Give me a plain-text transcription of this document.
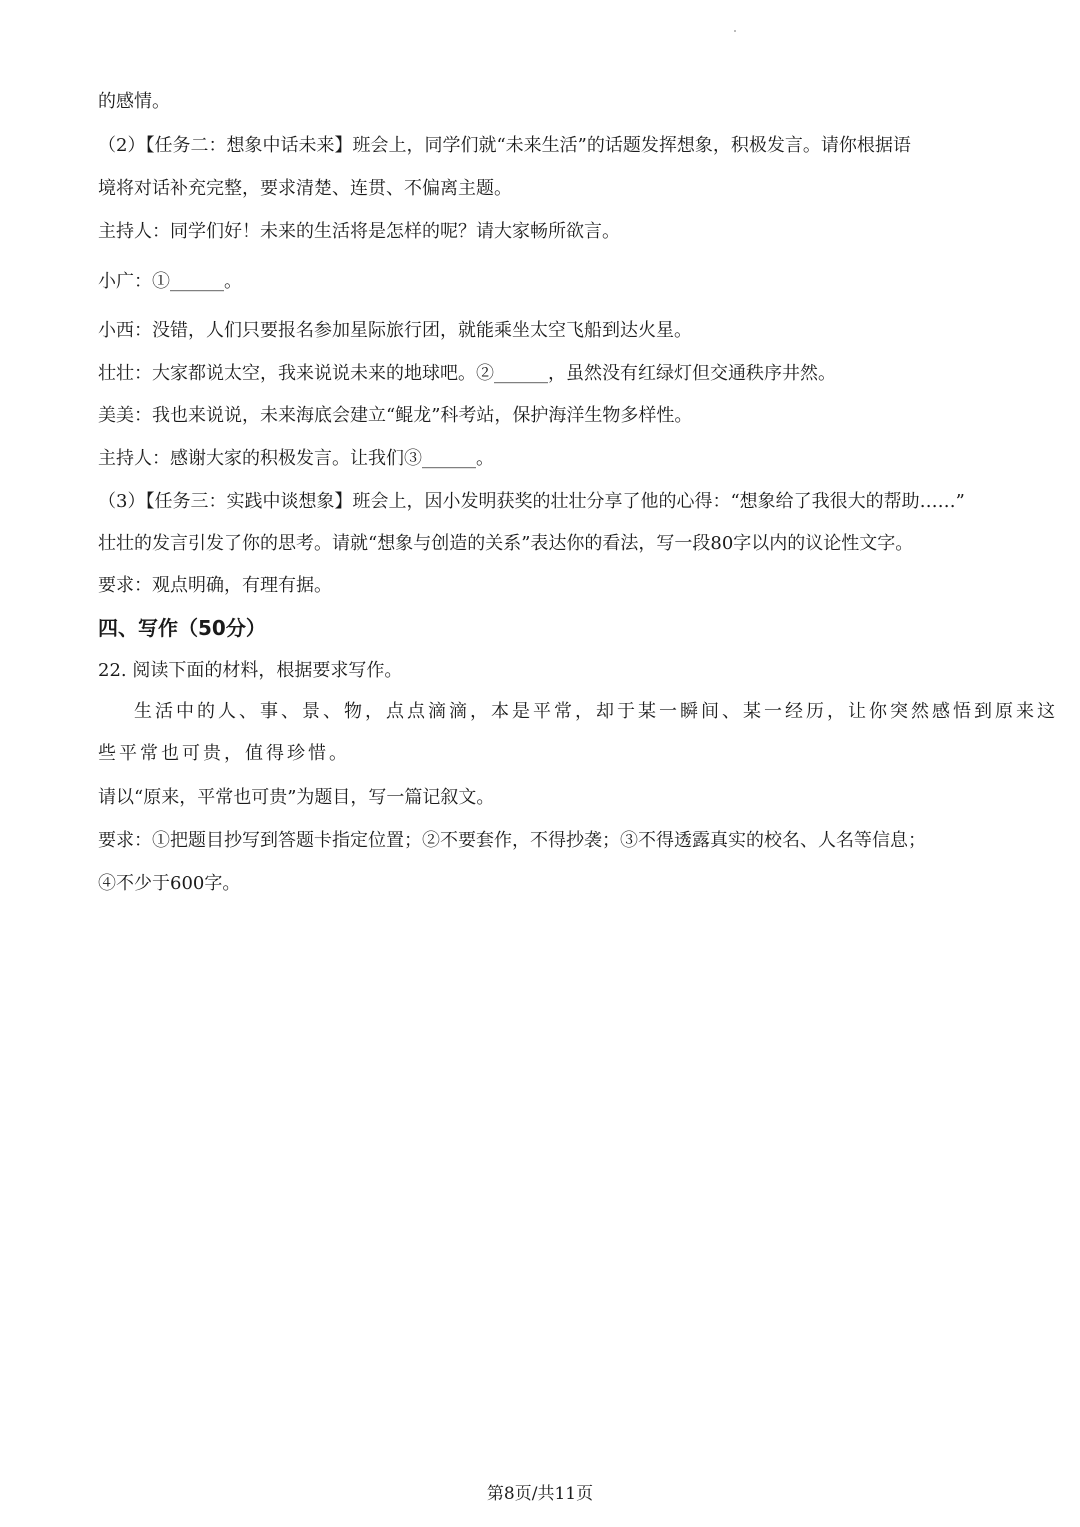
的感情。
（2）【任务二：想象中话未来】班会上，同学们就“未来生活”的话题发挥想象，积极发言。请你根据语
境将对话补充完整，要求清楚、连贯、不偏离主题。
主持人：同学们好！未来的生活将是怎样的呢？请大家畅所欲言。
小广：①______。
小西：没错，人们只要报名参加星际旅行团，就能乘坐太空飞船到达火星。
壮壮：大家都说太空，我来说说未来的地球吧。②______，虽然没有红绿灯但交通秩序井然。
美美：我也来说说，未来海底会建立“鲲龙”科考站，保护海洋生物多样性。
主持人：感谢大家的积极发言。让我们③______。
（3）【任务三：实践中谈想象】班会上，因小发明获奖的壮壮分享了他的心得：“想象给了我很大的帮助……”
壮壮的发言引发了你的思考。请就“想象与创造的关系”表达你的看法，写一段80字以内的议论性文字。
要求：观点明确，有理有据。
四、写作（50分）
22. 阅读下面的材料，根据要求写作。
生活中的人、事、景、物，点点滴滴，本是平常，却于某一瞬间、某一经历，让你突然感悟到原来这
些平常也可贵，值得珍惜。
请以“原来，平常也可贵”为题目，写一篇记叙文。
要求：①把题目抄写到答题卡指定位置；②不要套作，不得抄袭；③不得透露真实的校名、人名等信息；
④不少于600字。
第8页/共11页
